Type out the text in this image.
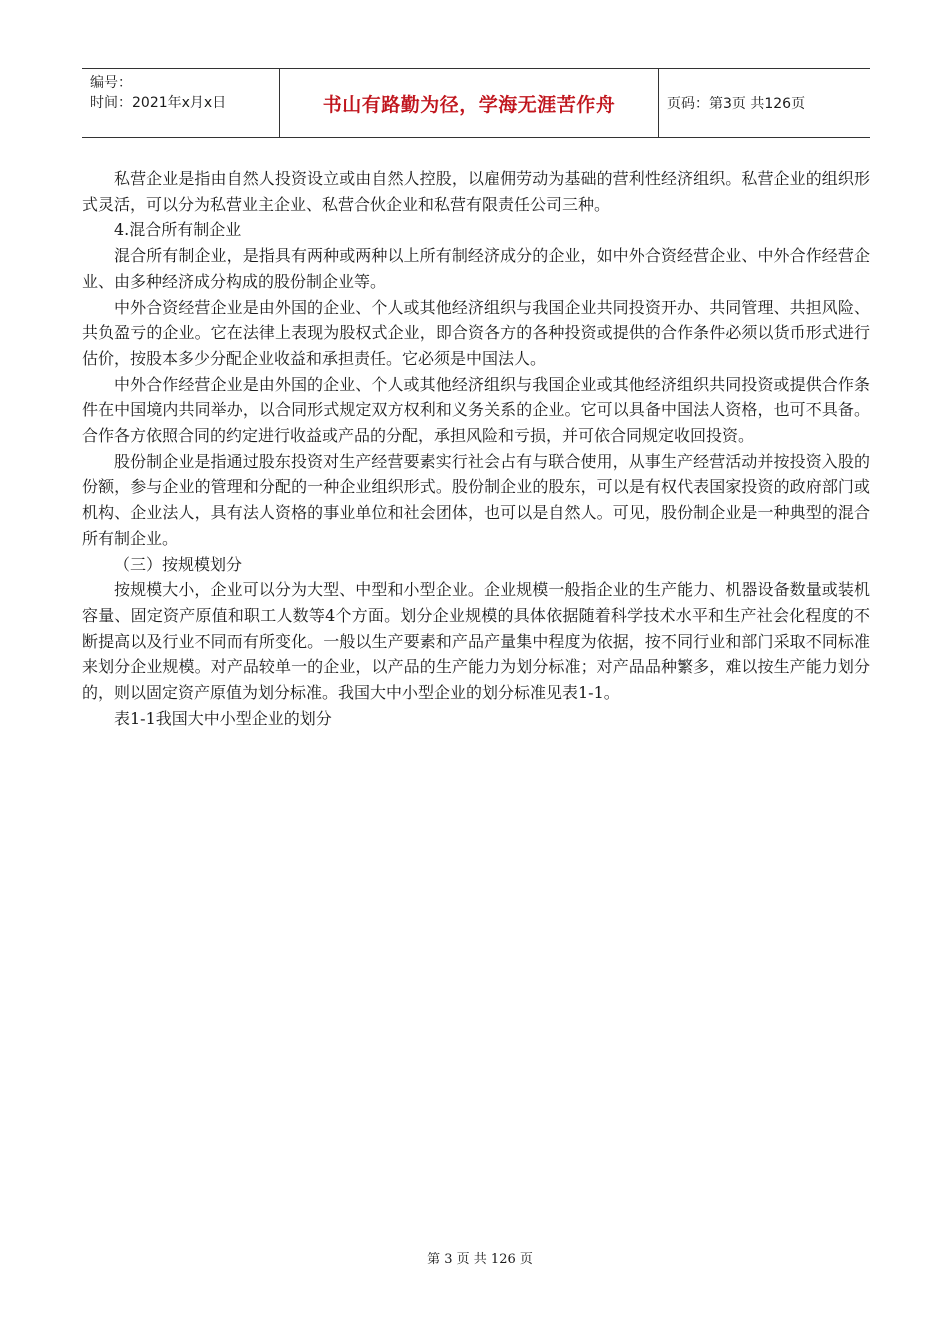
编号：
时间：2021年x月x日	书山有路勤为径，学海无涯苦作舟	页码：第3页 共126页

私营企业是指由自然人投资设立或由自然人控股，以雇佣劳动为基础的营利性经济组织。私营企业的组织形式灵活，可以分为私营业主企业、私营合伙企业和私营有限责任公司三种。

4.混合所有制企业

混合所有制企业，是指具有两种或两种以上所有制经济成分的企业，如中外合资经营企业、中外合作经营企业、由多种经济成分构成的股份制企业等。

中外合资经营企业是由外国的企业、个人或其他经济组织与我国企业共同投资开办、共同管理、共担风险、共负盈亏的企业。它在法律上表现为股权式企业，即合资各方的各种投资或提供的合作条件必须以货币形式进行估价，按股本多少分配企业收益和承担责任。它必须是中国法人。

中外合作经营企业是由外国的企业、个人或其他经济组织与我国企业或其他经济组织共同投资或提供合作条件在中国境内共同举办，以合同形式规定双方权利和义务关系的企业。它可以具备中国法人资格，也可不具备。合作各方依照合同的约定进行收益或产品的分配，承担风险和亏损，并可依合同规定收回投资。

股份制企业是指通过股东投资对生产经营要素实行社会占有与联合使用，从事生产经营活动并按投资入股的份额，参与企业的管理和分配的一种企业组织形式。股份制企业的股东，可以是有权代表国家投资的政府部门或机构、企业法人，具有法人资格的事业单位和社会团体，也可以是自然人。可见，股份制企业是一种典型的混合所有制企业。

（三）按规模划分

按规模大小，企业可以分为大型、中型和小型企业。企业规模一般指企业的生产能力、机器设备数量或装机容量、固定资产原值和职工人数等4个方面。划分企业规模的具体依据随着科学技术水平和生产社会化程度的不断提高以及行业不同而有所变化。一般以生产要素和产品产量集中程度为依据，按不同行业和部门采取不同标准来划分企业规模。对产品较单一的企业，以产品的生产能力为划分标准；对产品品种繁多，难以按生产能力划分的，则以固定资产原值为划分标准。我国大中小型企业的划分标准见表1-1。

表1-1我国大中小型企业的划分

第 3 页 共 126 页
